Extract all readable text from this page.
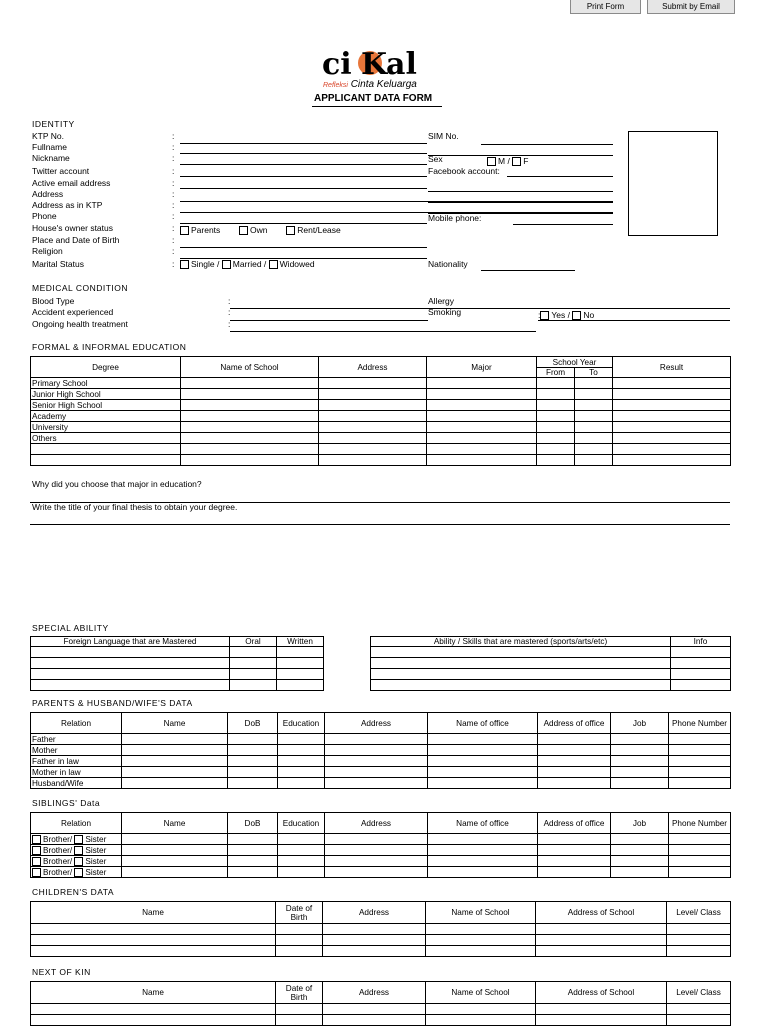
Print Form	Submit by Email
ci K
al
Refleksi Cinta Keluarga
APPLICANT DATA FORM
IDENTITY
KTP No.	:
Fullname	:
Nickname	:
Twitter account	:
Active email address	:
Address	:
Address as in KTP	:
Phone	:
House's owner status	:
Place and Date of Birth	:
Religion	:
Marital Status	:
SIM No.
Sex	M / F
Facebook account:
Mobile phone:
Nationality
Parents	Own	Rent/Lease
Single / Married / Widowed
MEDICAL CONDITION
Blood Type
Accident experienced
Ongoing health treatment
:
:
:
Allergy
Smoking	: Yes / No
FORMAL & INFORMAL EDUCATION
Degree	Name of School	Address	Major	School Year		Result
				From	To	
Primary School						
Junior High School						
Senior High School						
Academy						
University						
Others						

Why did you choose that major in education?
Write the title of your final thesis to obtain your degree.
SPECIAL ABILITY
Foreign Language that are Mastered	Oral	Written

			Ability / Skills that are mastered (sports/arts/etc)	Info

PARENTS & HUSBAND/WIFE'S DATA
Relation	Name	DoB	Education	Address	Name of office	Address of office	Job	Phone Number
Father								
Mother								
Father in law								
Mother in law								
Husband/Wife								
SIBLINGS' Data
Relation	Name	DoB	Education	Address	Name of office	Address of office	Job	Phone Number
Brother/ Sister								
Brother/ Sister								
Brother/ Sister								
Brother/ Sister								
CHILDREN'S DATA
Name	Date of Birth	Address	Name of School	Address of School	Level/ Class

NEXT OF KIN
Name	Date of Birth	Address	Name of School	Address of School	Level/ Class
